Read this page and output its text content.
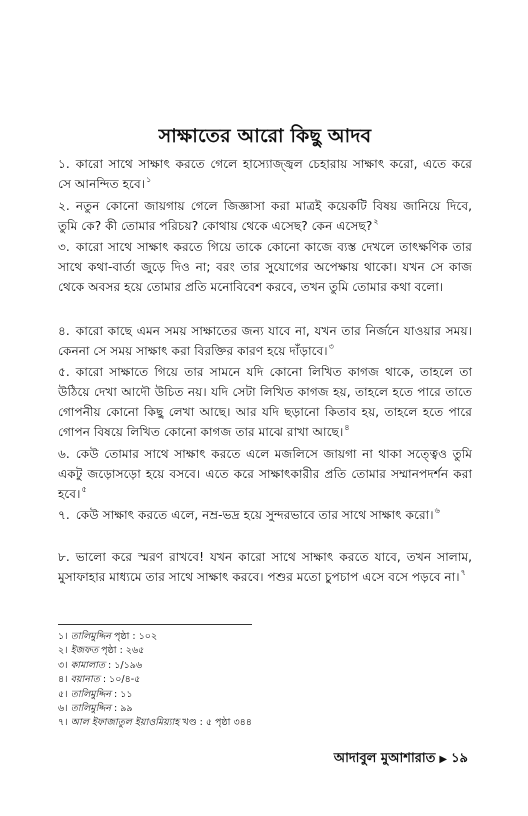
সাক্ষাতের আরো কিছু আদব

১. কারো সাথে সাক্ষাৎ করতে গেলে হাস্যোজ্জ্বল চেহারায় সাক্ষাৎ করো, এতে করে সে আনন্দিত হবে।$^১$

২. নতুন কোনো জায়গায় গেলে জিজ্ঞাসা করা মাত্রই কয়েকটি বিষয় জানিয়ে দিবে, তুমি কে? কী তোমার পরিচয়? কোথায় থেকে এসেছ? কেন এসেছ?$^২$

৩. কারো সাথে সাক্ষাৎ করতে গিয়ে তাকে কোনো কাজে ব্যস্ত দেখলে তাৎক্ষণিক তার সাথে কথা-বার্তা জুড়ে দিও না; বরং তার সুযোগের অপেক্ষায় থাকো। যখন সে কাজ থেকে অবসর হয়ে তোমার প্রতি মনোবিবেশ করবে, তখন তুমি তোমার কথা বলো।

৪. কারো কাছে এমন সময় সাক্ষাতের জন্য যাবে না, যখন তার নির্জনে যাওয়ার সময়। কেননা সে সময় সাক্ষাৎ করা বিরক্তির কারণ হয়ে দাঁড়াবে।$^৩$

৫. কারো সাক্ষাতে গিয়ে তার সামনে যদি কোনো লিখিত কাগজ থাকে, তাহলে তা উঠিয়ে দেখা আদৌ উচিত নয়। যদি সেটা লিখিত কাগজ হয়, তাহলে হতে পারে তাতে গোপনীয় কোনো কিছু লেখা আছে। আর যদি ছড়ানো কিতাব হয়, তাহলে হতে পারে গোপন বিষয়ে লিখিত কোনো কাগজ তার মাঝে রাখা আছে।$^৪$

৬. কেউ তোমার সাথে সাক্ষাৎ করতে এলে মজলিসে জায়গা না থাকা সত্ত্বেও তুমি একটু জড়োসড়ো হয়ে বসবে। এতে করে সাক্ষাৎকারীর প্রতি তোমার সম্মানপদর্শন করা হবে।$^৫$

৭. কেউ সাক্ষাৎ করতে এলে, নম্র-ভদ্র হয়ে সুন্দরভাবে তার সাথে সাক্ষাৎ করো।$^৬$

৮. ভালো করে স্মরণ রাখবে! যখন কারো সাথে সাক্ষাৎ করতে যাবে, তখন সালাম, মুসাফাহার মাধ্যমে তার সাথে সাক্ষাৎ করবে। পশুর মতো চুপচাপ এসে বসে পড়বে না।$^৭$

১। তালিমুদ্দিন পৃষ্ঠা : ১০২
২। ইজফত পৃষ্ঠা : ২৬৫
৩। কামালাত : ১/১৯৬
৪। বয়ানাত : ১০/৪-৫
৫। তালিমুদ্দিন : ১১
৬। তালিমুদ্দিন : ৯৯
৭। আল ইফাজাতুল ইয়াওমিয়্যাহ খণ্ড : ৫ পৃষ্ঠা ৩৪৪
আদাবুল মুআশারাত ▶ ১৯
